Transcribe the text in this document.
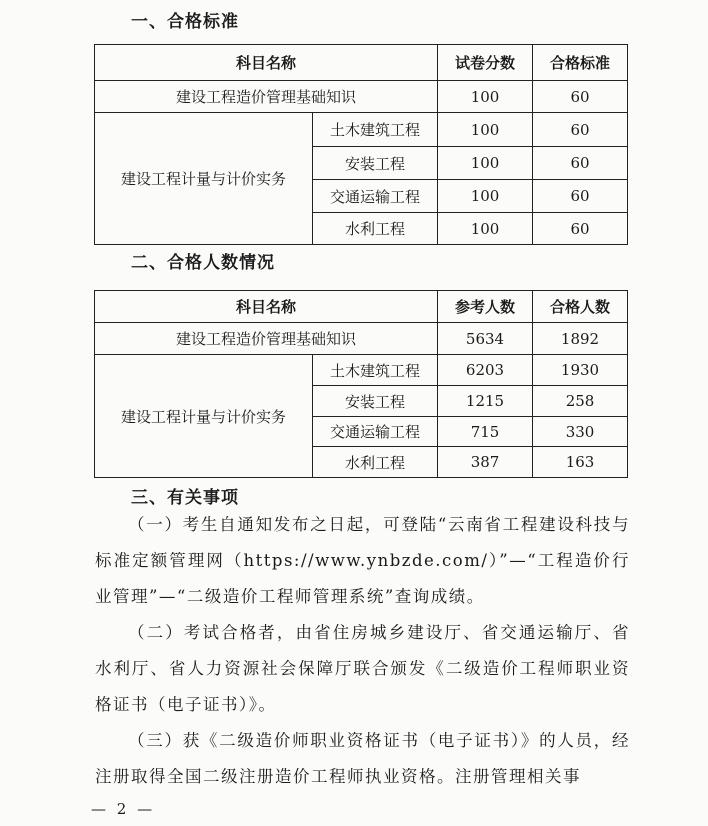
一、合格标准
科目名称		试卷分数	合格标准
建设工程造价管理基础知识		100	60
建设工程计量与计价实务	土木建筑工程	100	60
	安装工程	100	60
	交通运输工程	100	60
	水利工程	100	60
二、合格人数情况
科目名称		参考人数	合格人数
建设工程造价管理基础知识		5634	1892
建设工程计量与计价实务	土木建筑工程	6203	1930
	安装工程	1215	258
	交通运输工程	715	330
	水利工程	387	163
三、有关事项

（一）考生自通知发布之日起，可登陆“云南省工程建设科技与标准定额管理网（https://www.ynbzde.com/）”—“工程造价行业管理”—“二级造价工程师管理系统”查询成绩。

（二）考试合格者，由省住房城乡建设厅、省交通运输厅、省水利厅、省人力资源社会保障厅联合颁发《二级造价工程师职业资格证书（电子证书）》。

（三）获《二级造价师职业资格证书（电子证书）》的人员，经注册取得全国二级注册造价工程师执业资格。注册管理相关事

— 2 —
